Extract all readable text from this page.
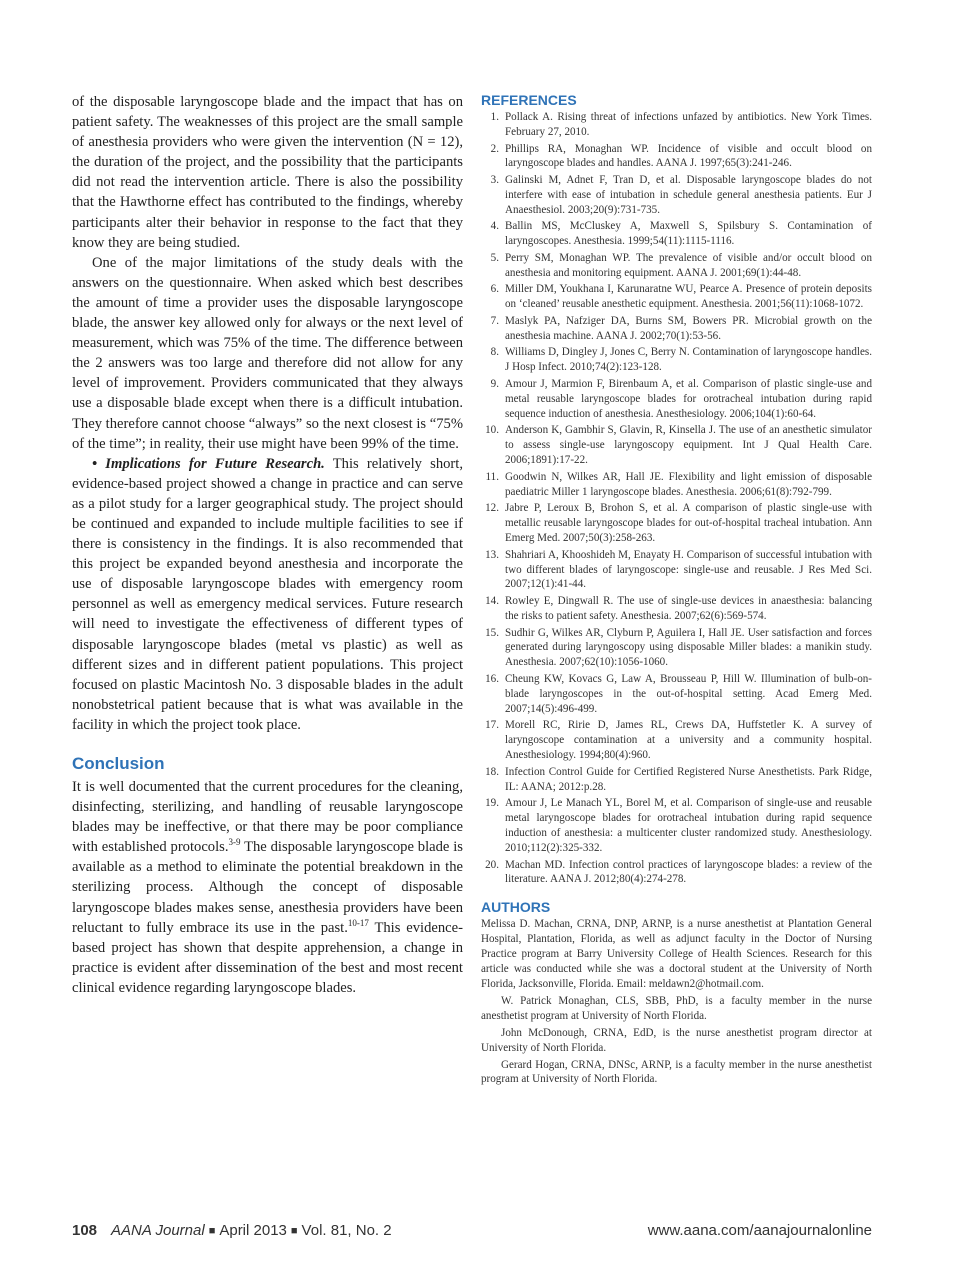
of the disposable laryngoscope blade and the impact that has on patient safety. The weaknesses of this project are the small sample of anesthesia providers who were given the intervention (N = 12), the duration of the project, and the possibility that the participants did not read the intervention article. There is also the possibility that the Hawthorne effect has contributed to the findings, whereby participants alter their behavior in response to the fact that they know they are being studied.

One of the major limitations of the study deals with the answers on the questionnaire. When asked which best describes the amount of time a provider uses the disposable laryngoscope blade, the answer key allowed only for always or the next level of measurement, which was 75% of the time. The difference between the 2 answers was too large and therefore did not allow for any level of improvement. Providers communicated that they always use a disposable blade except when there is a difficult intubation. They therefore cannot choose “always” so the next closest is “75% of the time”; in reality, their use might have been 99% of the time.

• Implications for Future Research. This relatively short, evidence-based project showed a change in practice and can serve as a pilot study for a larger geographical study. The project should be continued and expanded to include multiple facilities to see if there is consistency in the findings. It is also recommended that this project be expanded beyond anesthesia and incorporate the use of disposable laryngoscope blades with emergency room personnel as well as emergency medical services. Future research will need to investigate the effectiveness of different types of disposable laryngoscope blades (metal vs plastic) as well as different sizes and in different patient populations. This project focused on plastic Macintosh No. 3 disposable blades in the adult nonobstetrical patient because that is what was available in the facility in which the project took place.

Conclusion

It is well documented that the current procedures for the cleaning, disinfecting, sterilizing, and handling of reusable laryngoscope blades may be ineffective, or that there may be poor compliance with established protocols.$^{3-9}$ The disposable laryngoscope blade is available as a method to eliminate the potential breakdown in the sterilizing process. Although the concept of disposable laryngoscope blades makes sense, anesthesia providers have been reluctant to fully embrace its use in the past.$^{10-17}$ This evidence-based project has shown that despite apprehension, a change in practice is evident after dissemination of the best and most recent clinical evidence regarding laryngoscope blades.

REFERENCES
1. Pollack A. Rising threat of infections unfazed by antibiotics. New York Times. February 27, 2010.
2. Phillips RA, Monaghan WP. Incidence of visible and occult blood on laryngoscope blades and handles. AANA J. 1997;65(3):241-246.
3. Galinski M, Adnet F, Tran D, et al. Disposable laryngoscope blades do not interfere with ease of intubation in schedule general anesthesia patients. Eur J Anaesthesiol. 2003;20(9):731-735.
4. Ballin MS, McCluskey A, Maxwell S, Spilsbury S. Contamination of laryngoscopes. Anesthesia. 1999;54(11):1115-1116.
5. Perry SM, Monaghan WP. The prevalence of visible and/or occult blood on anesthesia and monitoring equipment. AANA J. 2001;69(1):44-48.
6. Miller DM, Youkhana I, Karunaratne WU, Pearce A. Presence of protein deposits on ‘cleaned’ reusable anesthetic equipment. Anesthesia. 2001;56(11):1068-1072.
7. Maslyk PA, Nafziger DA, Burns SM, Bowers PR. Microbial growth on the anesthesia machine. AANA J. 2002;70(1):53-56.
8. Williams D, Dingley J, Jones C, Berry N. Contamination of laryngoscope handles. J Hosp Infect. 2010;74(2):123-128.
9. Amour J, Marmion F, Birenbaum A, et al. Comparison of plastic single-use and metal reusable laryngoscope blades for orotracheal intubation during rapid sequence induction of anesthesia. Anesthesiology. 2006;104(1):60-64.
10. Anderson K, Gambhir S, Glavin, R, Kinsella J. The use of an anesthetic simulator to assess single-use laryngoscopy equipment. Int J Qual Health Care. 2006;1891):17-22.
11. Goodwin N, Wilkes AR, Hall JE. Flexibility and light emission of disposable paediatric Miller 1 laryngoscope blades. Anesthesia. 2006;61(8):792-799.
12. Jabre P, Leroux B, Brohon S, et al. A comparison of plastic single-use with metallic reusable laryngoscope blades for out-of-hospital tracheal intubation. Ann Emerg Med. 2007;50(3):258-263.
13. Shahriari A, Khooshideh M, Enayaty H. Comparison of successful intubation with two different blades of laryngoscope: single-use and reusable. J Res Med Sci. 2007;12(1):41-44.
14. Rowley E, Dingwall R. The use of single-use devices in anaesthesia: balancing the risks to patient safety. Anesthesia. 2007;62(6):569-574.
15. Sudhir G, Wilkes AR, Clyburn P, Aguilera I, Hall JE. User satisfaction and forces generated during laryngoscopy using disposable Miller blades: a manikin study. Anesthesia. 2007;62(10):1056-1060.
16. Cheung KW, Kovacs G, Law A, Brousseau P, Hill W. Illumination of bulb-on-blade laryngoscopes in the out-of-hospital setting. Acad Emerg Med. 2007;14(5):496-499.
17. Morell RC, Ririe D, James RL, Crews DA, Huffstetler K. A survey of laryngoscope contamination at a university and a community hospital. Anesthesiology. 1994;80(4):960.
18. Infection Control Guide for Certified Registered Nurse Anesthetists. Park Ridge, IL: AANA; 2012:p.28.
19. Amour J, Le Manach YL, Borel M, et al. Comparison of single-use and reusable metal laryngoscope blades for orotracheal intubation during rapid sequence induction of anesthesia: a multicenter cluster randomized study. Anesthesiology. 2010;112(2):325-332.
20. Machan MD. Infection control practices of laryngoscope blades: a review of the literature. AANA J. 2012;80(4):274-278.
AUTHORS

Melissa D. Machan, CRNA, DNP, ARNP, is a nurse anesthetist at Plantation General Hospital, Plantation, Florida, as well as adjunct faculty in the Doctor of Nursing Practice program at Barry University College of Health Sciences. Research for this article was conducted while she was a doctoral student at the University of North Florida, Jacksonville, Florida. Email: meldawn2@hotmail.com.

W. Patrick Monaghan, CLS, SBB, PhD, is a faculty member in the nurse anesthetist program at University of North Florida.

John McDonough, CRNA, EdD, is the nurse anesthetist program director at University of North Florida.

Gerard Hogan, CRNA, DNSc, ARNP, is a faculty member in the nurse anesthetist program at University of North Florida.

108 AANA Journal ■ April 2013 ■ Vol. 81, No. 2	www.aana.com/aanajournalonline
